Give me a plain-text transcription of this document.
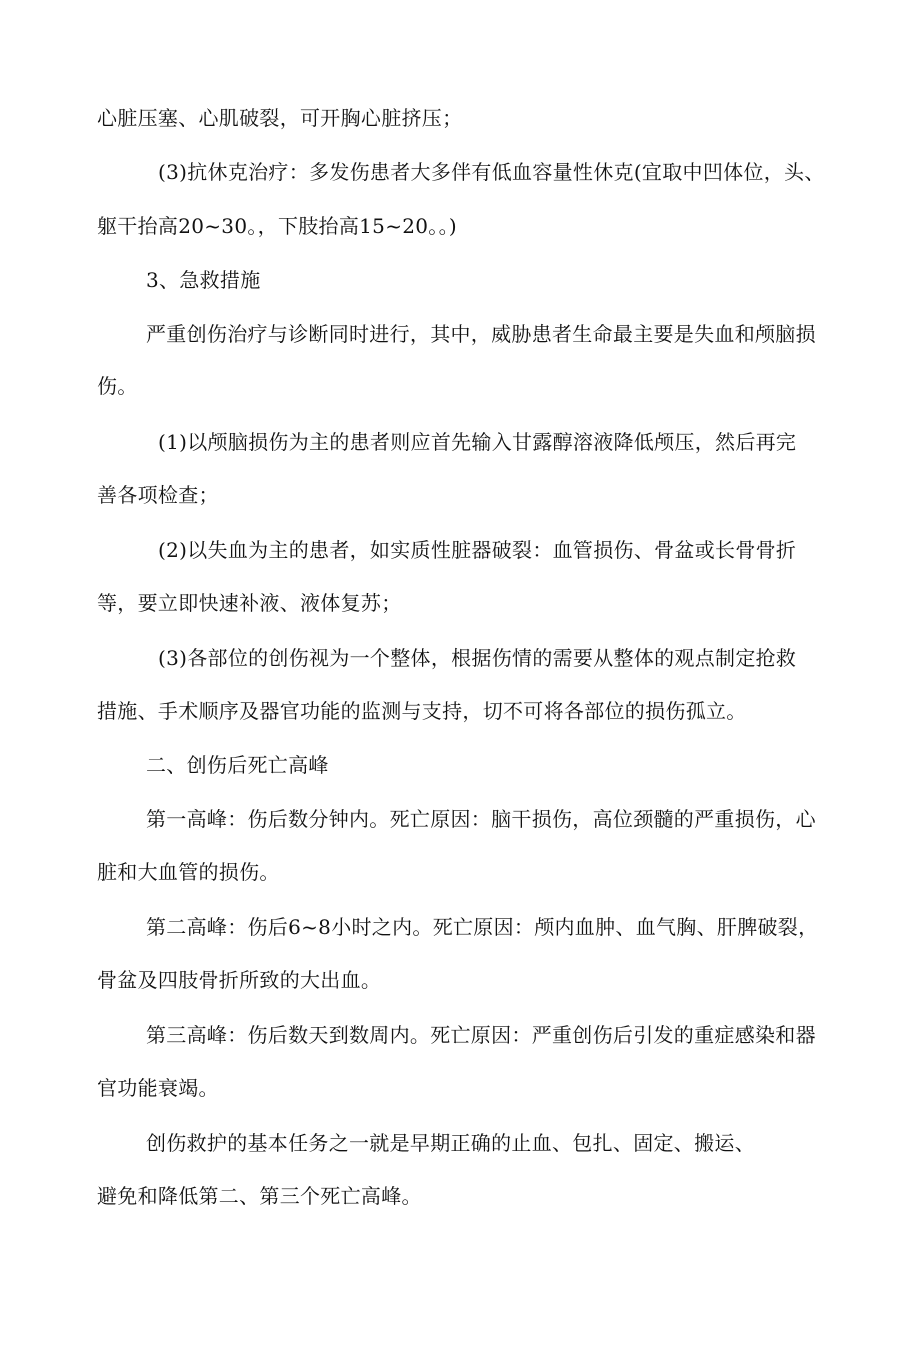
心脏压塞、心肌破裂，可开胸心脏挤压；
(3)抗休克治疗：多发伤患者大多伴有低血容量性休克(宜取中凹体位，头、
躯干抬高20~30。，下肢抬高15~20。。)
3、急救措施
严重创伤治疗与诊断同时进行，其中，威胁患者生命最主要是失血和颅脑损
伤。
(1)以颅脑损伤为主的患者则应首先输入甘露醇溶液降低颅压，然后再完
善各项检查；
(2)以失血为主的患者，如实质性脏器破裂：血管损伤、骨盆或长骨骨折
等，要立即快速补液、液体复苏；
(3)各部位的创伤视为一个整体，根据伤情的需要从整体的观点制定抢救
措施、手术顺序及器官功能的监测与支持，切不可将各部位的损伤孤立。
二、创伤后死亡高峰
第一高峰：伤后数分钟内。死亡原因：脑干损伤，高位颈髓的严重损伤，心
脏和大血管的损伤。
第二高峰：伤后6~8小时之内。死亡原因：颅内血肿、血气胸、肝脾破裂，
骨盆及四肢骨折所致的大出血。
第三高峰：伤后数天到数周内。死亡原因：严重创伤后引发的重症感染和器
官功能衰竭。
创伤救护的基本任务之一就是早期正确的止血、包扎、固定、搬运、
避免和降低第二、第三个死亡高峰。
